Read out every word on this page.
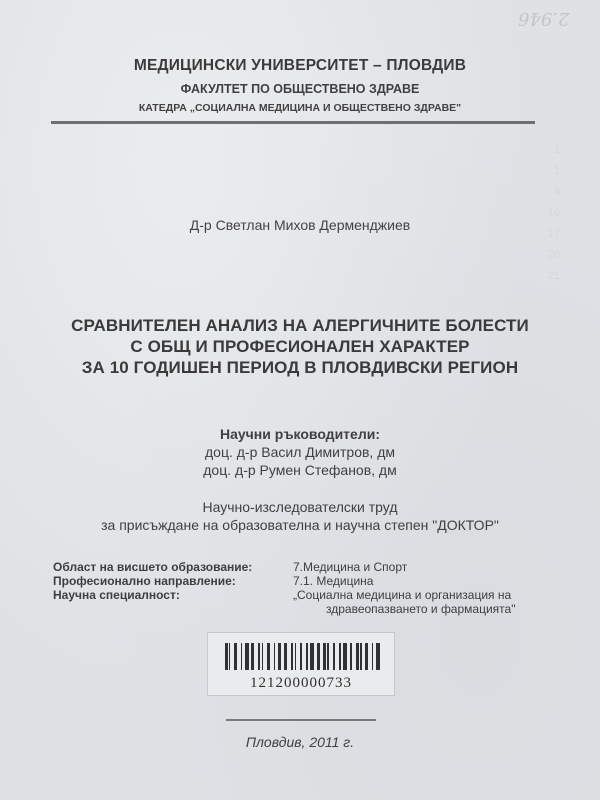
2.946
МЕДИЦИНСКИ УНИВЕРСИТЕТ – ПЛОВДИВ
ФАКУЛТЕТ ПО ОБЩЕСТВЕНО ЗДРАВЕ
КАТЕДРА „СОЦИАЛНА МЕДИЦИНА И ОБЩЕСТВЕНО ЗДРАВЕ"
1
1
4
10
17
20
21
Д-р Светлан Михов Дерменджиев
СРАВНИТЕЛЕН АНАЛИЗ НА АЛЕРГИЧНИТЕ БОЛЕСТИ
С ОБЩ И ПРОФЕСИОНАЛЕН ХАРАКТЕР
ЗА 10 ГОДИШЕН ПЕРИОД В ПЛОВДИВСКИ РЕГИОН
Научни ръководители:
доц. д-р Васил Димитров, дм
доц. д-р Румен Стефанов, дм
Научно-изследователски труд
за присъждане на образователна и научна степен "ДОКТОР"
Област на висшето образование:	7.Медицина и Спорт
Професионално направление:	7.1. Медицина
Научна специалност:	„Социална медицина и организация на
здравеопазването и фармацията"
121200000733
Пловдив, 2011 г.
